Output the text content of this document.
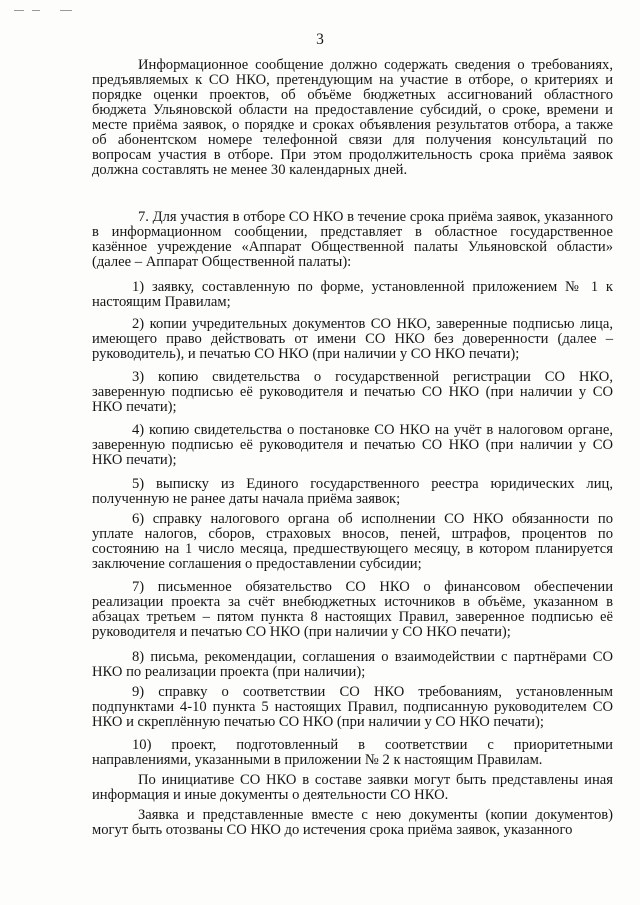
3

Информационное сообщение должно содержать сведения о требованиях, предъявляемых к СО НКО, претендующим на участие в отборе, о критериях и порядке оценки проектов, об объёме бюджетных ассигнований областного бюджета Ульяновской области на предоставление субсидий, о сроке, времени и месте приёма заявок, о порядке и сроках объявления результатов отбора, а также об абонентском номере телефонной связи для получения консультаций по вопросам участия в отборе. При этом продолжительность срока приёма заявок должна составлять не менее 30 календарных дней.

7. Для участия в отборе СО НКО в течение срока приёма заявок, указанного в информационном сообщении, представляет в областное государственное казённое учреждение «Аппарат Общественной палаты Ульяновской области» (далее – Аппарат Общественной палаты):

1) заявку, составленную по форме, установленной приложением № 1 к настоящим Правилам;

2) копии учредительных документов СО НКО, заверенные подписью лица, имеющего право действовать от имени СО НКО без доверенности (далее – руководитель), и печатью СО НКО (при наличии у СО НКО печати);

3) копию свидетельства о государственной регистрации СО НКО, заверенную подписью её руководителя и печатью СО НКО (при наличии у СО НКО печати);

4) копию свидетельства о постановке СО НКО на учёт в налоговом органе, заверенную подписью её руководителя и печатью СО НКО (при наличии у СО НКО печати);

5) выписку из Единого государственного реестра юридических лиц, полученную не ранее даты начала приёма заявок;

6) справку налогового органа об исполнении СО НКО обязанности по уплате налогов, сборов, страховых вносов, пеней, штрафов, процентов по состоянию на 1 число месяца, предшествующего месяцу, в котором планируется заключение соглашения о предоставлении субсидии;

7) письменное обязательство СО НКО о финансовом обеспечении реализации проекта за счёт внебюджетных источников в объёме, указанном в абзацах третьем – пятом пункта 8 настоящих Правил, заверенное подписью её руководителя и печатью СО НКО (при наличии у СО НКО печати);

8) письма, рекомендации, соглашения о взаимодействии с партнёрами СО НКО по реализации проекта (при наличии);

9) справку о соответствии СО НКО требованиям, установленным подпунктами 4-10 пункта 5 настоящих Правил, подписанную руководителем СО НКО и скреплённую печатью СО НКО (при наличии у СО НКО печати);

10) проект, подготовленный в соответствии с приоритетными направлениями, указанными в приложении № 2 к настоящим Правилам.

По инициативе СО НКО в составе заявки могут быть представлены иная информация и иные документы о деятельности СО НКО.

Заявка и представленные вместе с нею документы (копии документов) могут быть отозваны СО НКО до истечения срока приёма заявок, указанного
